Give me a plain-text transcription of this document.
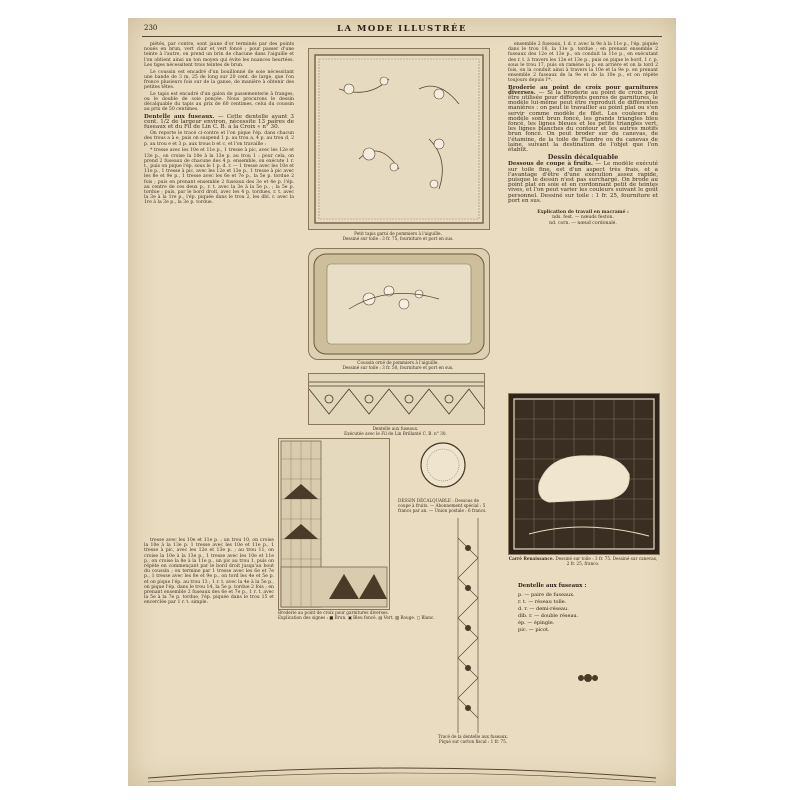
230	LA MODE ILLUSTRÉE

piétés, par contre, sont jaune d'or terminés par des points noués en brun, vert clair et vert foncé ; pour passer d'une teinte à l'autre, on prend un brin de chacune dans l'aiguille et l'on obtient ainsi un ton moyen qui évite les nuances heurtées. Les tiges nécessitent trois teintes de brun.

Le coussin est encadré d'un bouillonné de soie nécessitant une bande de 3 m. 25 de long sur 20 cent. de large, que l'on fronce plusieurs fois sur de la ganse, de manière à obtenir des petites têtes.

Le tapis est encadré d'un galon de passementerie à franges, ou le double de soie ponçée. Nous procurons le dessin décalquable du tapis au prix de 60 centimes, celui du coussin au prix de 50 centimes.

Dentelle aux fuseaux. — Cette dentelle ayant 3 cent. 1/2 de largeur environ, nécessite 13 paires de fuseaux et du Fil de Lin C. B. à la Croix « n° 30.

On reporte le tracé ci-contre et l'on pique l'ép. dans chacun des trous a à e, puis on suspend 1 p. au trou a, 4 p. au trou d, 2 p. au trou e et 3 p. aux trous b et c, et l'on travaille :

* tresse avec les 10e et 11e p., 1 tresse à pic, avec les 12e et 13e p., on croise la 10e à la 13e p. au trou 1 : pour cela, on prend 2 fuseaux de chacune des 4 p. ensemble, on exécute 1 r. t., puis on pique l'ép. sous le 1 p. d. r. — 1 tresse avec les 10e et 11e p., 1 tresse à pic, avec les 12e et 13e p., 1 tresse à pic avec les 8e et 9e p., 1 tresse avec les 6e et 7e p., la 5e p. tordue 2 fois ; puis en prenant ensemble 2 fuseaux des 3e et 4e p. l'ép. au centre de ces deux p., r. t. avec la 3e à la 5e p., ; la 5e p. tordue ; puis, par le bord droit, avec les 4 p. tordues, r. t. avec la 3e à la 1re p., l'ép. piquée dans le trou 2, les dbl. r. avec la 1re à la 3e p., la 3e p. tordue.

tresse avec les 10e et 11e p. ; un trou 10, on croise la 10e à la 13e p. 1 tresse avec les 10e et 11e p., 1 tresse à pic, avec les 12e et 13e p. ; au trou 11, on croise la 10e à la 13e p., 1 tresse avec les 10e et 11e p., on croise la 8e à la 11e p., un pic au trou 1, puis on répète en commençant par le bord droit jusqu'au bout du coussin ; on termine par 1 tresse avec les 6e et 7e p., 1 tresse avec les 8e et 9e p., on tord les 4e et 5e p. et on pique l'ép. au trou 13 ; 1 r. t. avec la 4e à la 5e p., on pique l'ép. dans le trou 14, la 5e p. tordue 2 fois ; en prenant ensemble 2 fuseaux des 6e et 7e p., 1 r. t. avec la 5e à la 7e p. tordue, l'ép. piquée dans le trou 15 et encerclée par 1 r. t. simple.

Petit tapis garni de pommiers à l'aiguille.
Dessiné sur toile : 3 fr. 75, fourniture et port en sus.
Coussin orné de pommiers à l'aiguille.
Dessiné sur toile : 3 fr. 50, fourniture et port en sus.
Dentelle aux fuseaux.
Exécutée avec le Fil de Lin Brillanté C. B. n° 30.
Broderie au point de croix pour garnitures diverses.
Explication des signes : ■ Brun. ▣ Bleu foncé. ▤ Vert. ▨ Rouge. ◻ Blanc.
DESSIN DÉCALQUABLE : Dessous de coupe à fruits. — Abonnement spécial : 5 francs par an. — Union postale : 6 francs.
Tracé de la dentelle aux fuseaux.
Piqué sur carton fiscal : 1 fr. 75.

ensemble 2 fuseaux, 1 d. r. avec la 9e à la 11e p., l'ép. piquée dans le trou 16, la 11e p. tordue ; en prenant ensemble 2 fuseaux des 12e et 13e p., on conduit la 11e p., en exécutant des r. t. à travers les 12e et 13e p., puis on pique le bord, 1 r. p. sous le trou 17, puis on ramène la p. en arrière et on la tord 2 fois, on la conduit ainsi à travers la 10e et la 9e p. en prenant ensemble 2 fuseaux de la 9e et de la 10e p., et on répète toujours depuis l'*.

Broderie au point de croix pour garnitures diverses. — Si la broderie au point de croix peut être utilisée pour différents genres de garnitures, le modèle lui-même peut être reproduit de différentes manières : on peut le travailler au point plat ou s'en servir comme modèle de filet. Les couleurs du modèle sont brun foncé, les grands triangles bleu foncé, les lignes bleues et les petits triangles vert, les lignes blanches du contour et les autres motifs brun foncé. On peut broder sur du canevas, de l'étamine, de la toile de Flandre ou du canevas de laine, suivant la destination de l'objet que l'on établit.
Dessin décalquable
Dessous de coupe à fruits. — Le modèle exécuté sur toile fine, est d'un aspect très frais, et a l'avantage d'être d'une exécution assez rapide, puisque le dessin n'est pas surchargé. On brode au point plat en soie et en cordonnant petit de teintes vives, et l'on peut varier les couleurs suivant le goût personnel. Dessiné sur toile : 1 fr. 25, fourniture et port en sus.
Explication de travail en macramé :
nds. fest. — nœuds feston.
nd. corn. — nœud cordonalé.
Carré Renaissance. Dessiné sur toile : 3 fr. 75. Dessiné sur canevas, 2 fr. 25, franco.
Dentelle aux fuseaux :
p. — paire de fuseaux.
r. t. — réseau tolle.
d. r. — demi-réseau.
dlb. r. — double réseau.
ép. — épingle.
pic. — picot.
